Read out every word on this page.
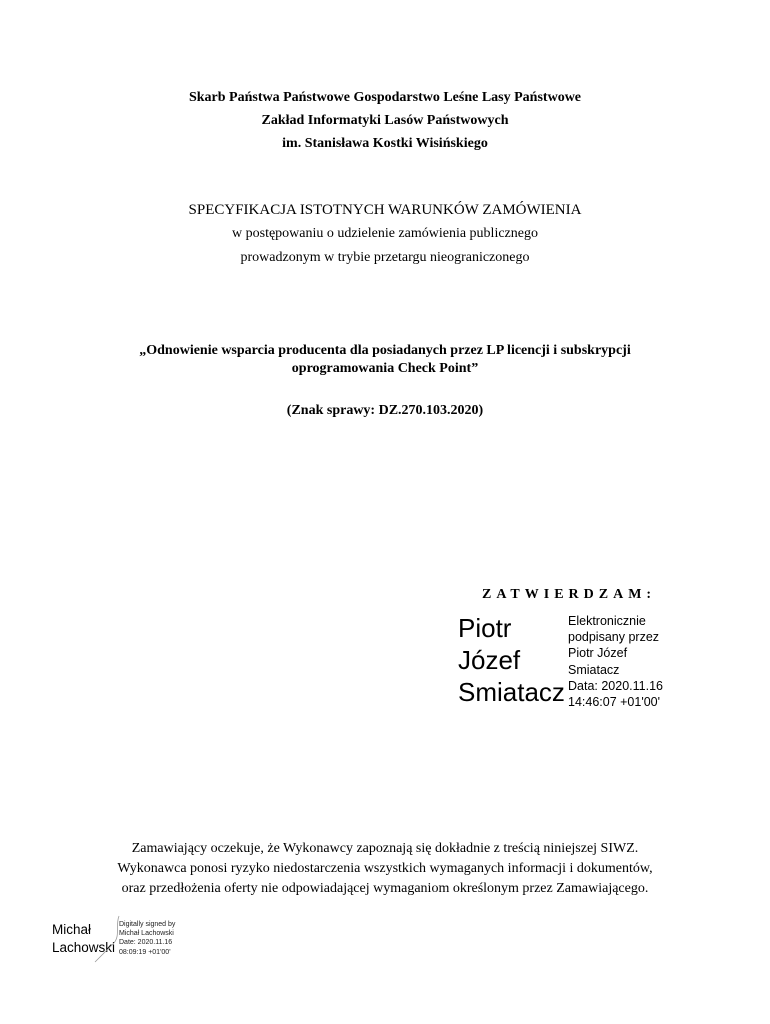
Skarb Państwa Państwowe Gospodarstwo Leśne Lasy Państwowe
Zakład Informatyki Lasów Państwowych
im. Stanisława Kostki Wisińskiego
SPECYFIKACJA ISTOTNYCH WARUNKÓW ZAMÓWIENIA
w postępowaniu o udzielenie zamówienia publicznego
prowadzonym w trybie przetargu nieograniczonego
„Odnowienie wsparcia producenta dla posiadanych przez LP licencji i subskrypcji
oprogramowania Check Point”
(Znak sprawy: DZ.270.103.2020)
ZATWIERDZAM:
Piotr
Józef
Smiatacz
Elektronicznie
podpisany przez
Piotr Józef
Smiatacz
Data: 2020.11.16
14:46:07 +01'00'
Zamawiający oczekuje, że Wykonawcy zapoznają się dokładnie z treścią niniejszej SIWZ.
Wykonawca ponosi ryzyko niedostarczenia wszystkich wymaganych informacji i dokumentów,
oraz przedłożenia oferty nie odpowiadającej wymaganiom określonym przez Zamawiającego.
Michał
Lachowski
Digitally signed by
Michał Lachowski
Date: 2020.11.16
08:09:19 +01'00'
